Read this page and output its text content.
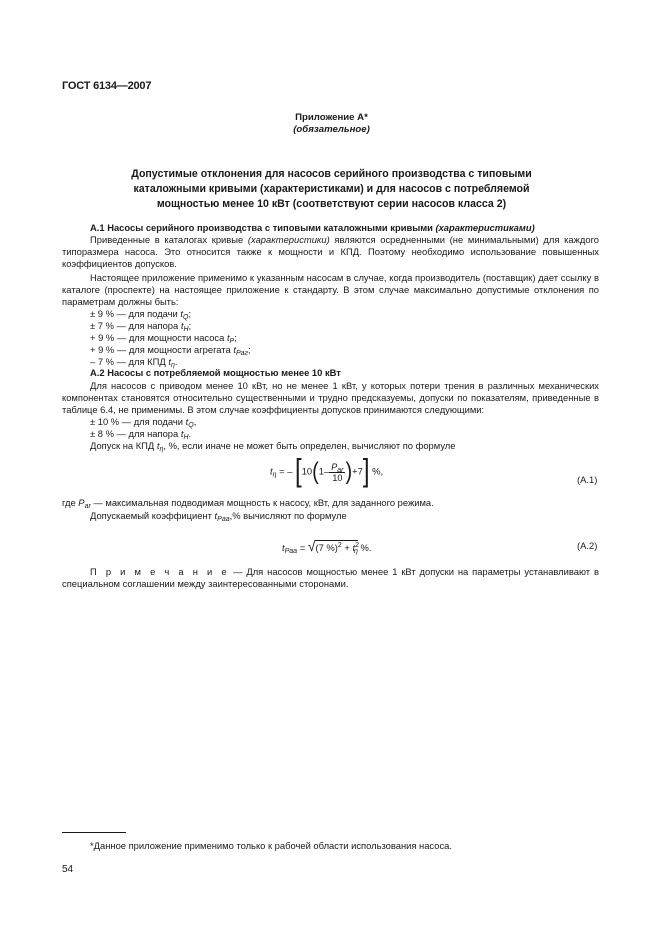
ГОСТ 6134—2007
Приложение А*
(обязательное)
Допустимые отклонения для насосов серийного производства с типовыми
каталожными кривыми (характеристиками) и для насосов с потребляемой
мощностью менее 10 кВт (соответствуют серии насосов класса 2)
А.1 Насосы серийного производства с типовыми каталожными кривыми (характеристиками)
Приведенные в каталогах кривые (характеристики) являются осредненными (не минимальными) для каждого типоразмера насоса. Это относится также к мощности и КПД. Поэтому необходимо использование повышенных коэффициентов допусков.
Настоящее приложение применимо к указанным насосам в случае, когда производитель (поставщик) дает ссылку в каталоге (проспекте) на настоящее приложение к стандарту. В этом случае максимально допустимые отклонения по параметрам должны быть:
± 9 % — для подачи $t_Q$;
± 7 % — для напора $t_H$;
+ 9 % — для мощности насоса $t_P$;
+ 9 % — для мощности агрегата $t_{Paг}$;
– 7 % — для КПД $t_\eta$.
А.2 Насосы с потребляемой мощностью менее 10 кВт
Для насосов с приводом менее 10 кВт, но не менее 1 кВт, у которых потери трения в различных механических компонентах становятся относительно существенными и трудно предсказуемы, допуски по показателям, приведенные в таблице 6.4, не применимы. В этом случае коэффициенты допусков принимаются следующими:
± 10 % — для подачи $t_Q$,
± 8 % — для напора $t_H$.
Допуск на КПД $t_\eta$, %, если иначе не может быть определен, вычисляют по формуле
$t_\eta$ = – $[10(1- \frac{P_{ar}}{10} )+7]$ %,
(A.1)
где $P_{ar}$ — максимальная подводимая мощность к насосу, кВт, для заданного режима.
Допускаемый коэффициент $t_{Paa},\%$ вычисляют по формуле
$t_{Paa} = √(7$ $\%)^2 + t^2_\eta$ %.	(A.2)
П р и м е ч а н и е — Для насосов мощностью менее 1 кВт допуски на параметры устанавливают в специальном соглашении между заинтересованными сторонами.
*Данное приложение применимо только к рабочей области использования насоса.
54
